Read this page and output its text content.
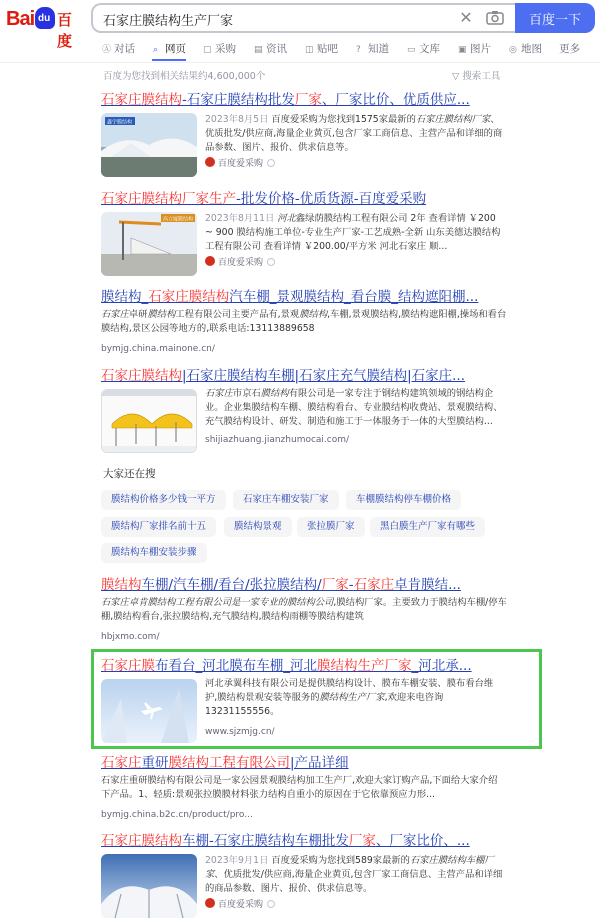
Bai du 百度
石家庄膜结构生产厂家
✕	百度一下
Ⓐ 对话 ⌕ 网页 ▢ 采购 ▤ 资讯 ◫ 贴吧 ? 知道 ▭ 文库 ▣ 图片 ◎ 地图 更多
百度为您找到相关结果约4,600,000个	▽ 搜索工具
石家庄膜结构-石家庄膜结构批发厂家、厂家比价、优质供应...
鑫宇膜结构	2023年8月5日 百度爱采购为您找到1575家最新的石家庄膜结构厂家、优质批发/供应商,海量企业黄页,包含厂家工商信息、主营产品和详细的商品参数、图片、报价、供求信息等。
百度爱采购
石家庄膜结构厂家生产-批发价格-优质货源-百度爱采购
高立厦膜结构 2023年8月11日 河北鑫绿荫膜结构工程有限公司 2年 查看详情 ￥200 ~ 900 膜结构施工单位-专业生产厂家-工艺成熟-全新 山东美德达膜结构工程有限公司 查看详情 ￥200.00/平方米 河北石家庄 顺...
百度爱采购
膜结构_石家庄膜结构汽车棚_景观膜结构_看台膜_结构遮阳棚...
石家庄卓研膜结构工程有限公司主要产品有,景观膜结构,车棚,景观膜结构,膜结构遮阳棚,操场和看台膜结构,景区公园等地方的,联系电话:13113889658
bymjg.china.mainone.cn/
石家庄膜结构|石家庄膜结构车棚|石家庄充气膜结构|石家庄...
石家庄市京石膜结构有限公司是一家专注于钢结构建筑领域的钢结构企业。企业集膜结构车棚、膜结构看台、专业膜结构收费站、景观膜结构、充气膜结构设计、研发、制造和施工于一体服务于一体的大型膜结构...
shijiazhuang.jianzhumocai.com/
大家还在搜
膜结构价格多少钱一平方	石家庄车棚安装厂家	车棚膜结构停车棚价格
膜结构厂家排名前十五	膜结构景观	张拉膜厂家	黑白膜生产厂家有哪些
膜结构车棚安装步骤
膜结构车棚/汽车棚/看台/张拉膜结构/厂家-石家庄卓肯膜结...
石家庄卓肯膜结构工程有限公司是一家专业的膜结构公司,膜结构厂家。主要致力于膜结构车棚/停车棚,膜结构看台,张拉膜结构,充气膜结构,膜结构雨棚等膜结构建筑
hbjxmo.com/
石家庄膜布看台_河北膜布车棚_河北膜结构生产厂家_河北承...
河北承翼科技有限公司是提供膜结构设计、膜布车棚安装、膜布看台维护,膜结构景观安装等服务的膜结构生产厂家,欢迎来电咨询13231155556。
www.sjzmjg.cn/
石家庄重研膜结构工程有限公司|产品详细
石家庄重研膜结构有限公司是一家公园景观膜结构加工生产厂,欢迎大家订购产品,下面给大家介绍下产品。1、轻质:景观张拉膜膜材料张力结构自重小的原因在于它依靠预应力形...
bymjg.china.b2c.cn/product/pro...
石家庄膜结构车棚-石家庄膜结构车棚批发厂家、厂家比价、...
2023年9月1日 百度爱采购为您找到589家最新的石家庄膜结构车棚厂家、优质批发/供应商,海量企业黄页,包含厂家工商信息、主营产品和详细的商品参数、图片、报价、供求信息等。
百度爱采购
